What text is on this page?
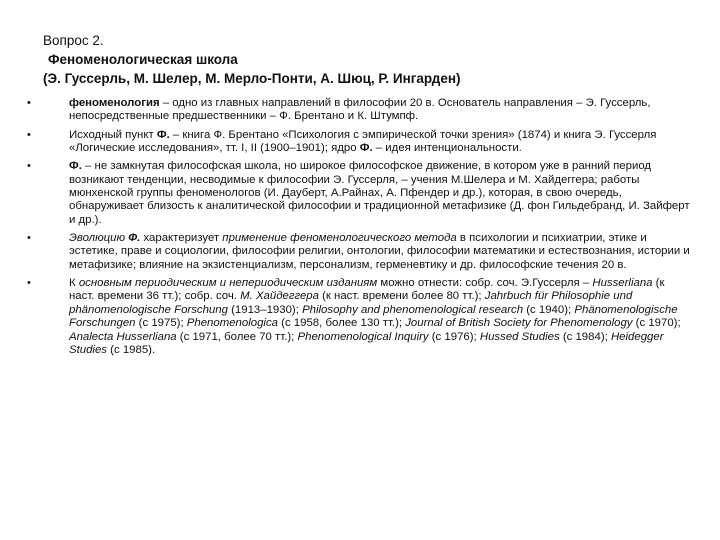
Вопрос 2.
Феноменологическая школа
(Э. Гуссерль, М. Шелер, М. Мерло-Понти, А. Шюц, Р. Ингарден)
•	феноменология – одно из главных направлений в философии 20 в. Основатель направления – Э. Гуссерль, непосредственные предшественники – Ф. Брентано и К. Штумпф.
•	Исходный пункт Ф. – книга Ф. Брентано «Психология с эмпирической точки зрения» (1874) и книга Э. Гуссерля «Логические исследования», тт. I, II (1900–1901); ядро Ф. – идея интенциональности.
•	Ф. – не замкнутая философская школа, но широкое философское движение, в котором уже в ранний период возникают тенденции, несводимые к философии Э. Гуссерля, – учения М.Шелера и М. Хайдеггера; работы мюнхенской группы феноменологов (И. Дауберт, А.Райнах, А. Пфендер и др.), которая, в свою очередь, обнаруживает близость к аналитической философии и традиционной метафизике (Д. фон Гильдебранд, И. Зайферт и др.).
•	Эволюцию Ф. характеризует применение феноменологического метода в психологии и психиатрии, этике и эстетике, праве и социологии, философии религии, онтологии, философии математики и естествознания, истории и метафизике; влияние на экзистенциализм, персонализм, герменевтику и др. философские течения 20 в.
•	К основным периодическим и непериодическим изданиям можно отнести: собр. соч. Э.Гуссерля – Husserliana (к наст. времени 36 тт.); собр. соч. М. Хайдеггера (к наст. времени более 80 тт.); Jahrbuch für Philosophie und phänomenologische Forschung (1913–1930); Philosophy and phenomenological research (с 1940); Phänomenologische Forschungen (с 1975); Phenomenologica (с 1958, более 130 тт.); Journal of British Society for Phenomenology (с 1970); Analecta Husserliana (с 1971, более 70 тт.); Phenomenological Inquiry (с 1976); Hussed Studies (с 1984); Heidegger Studies (с 1985).
